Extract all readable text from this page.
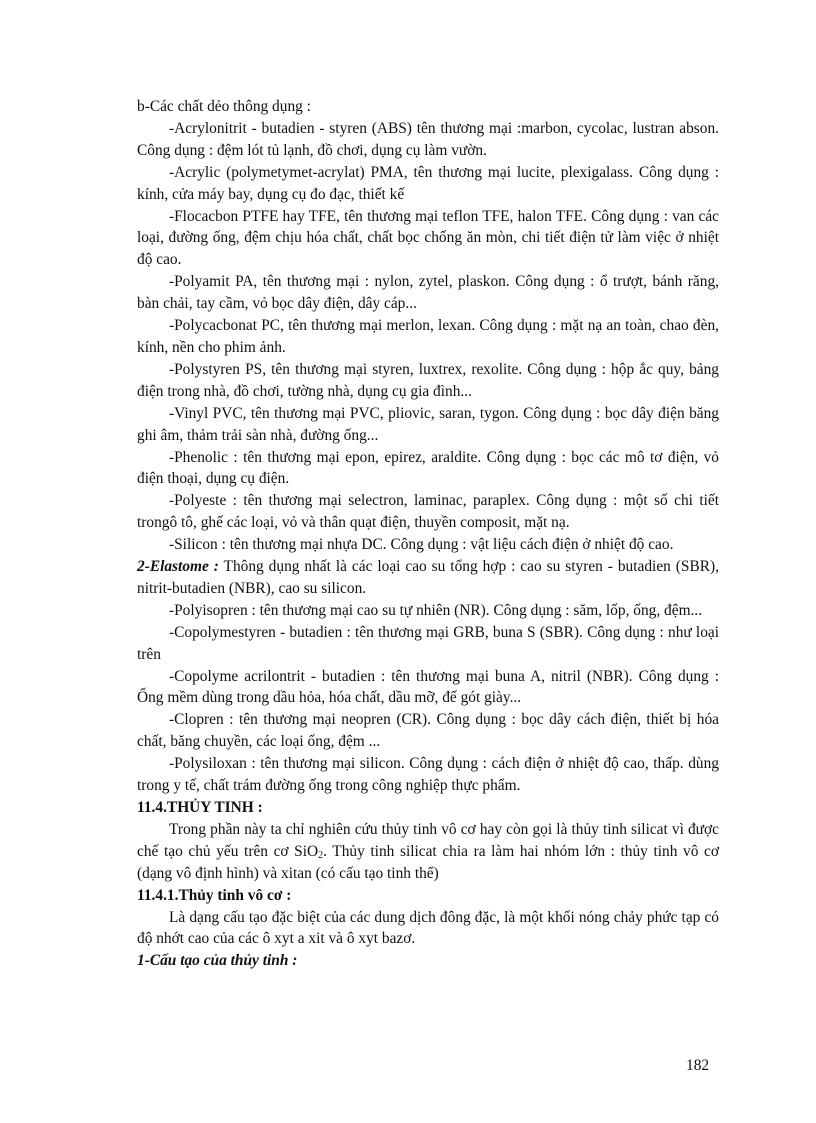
b-Các chất dẻo thông dụng :

-Acrylonitrit - butadien - styren (ABS) tên thương mại :marbon, cycolac, lustran abson. Công dụng : đệm lót tủ lạnh, đồ chơi, dụng cụ làm vườn.

-Acrylic (polymetymet-acrylat) PMA, tên thương mại lucite, plexigalass. Công dụng : kính, cửa máy bay, dụng cụ đo đạc, thiết kế

-Flocacbon PTFE hay TFE, tên thương mại teflon TFE, halon TFE. Công dụng : van các loại, đường ống, đệm chịu hóa chất, chất bọc chống ăn mòn, chi tiết điện tử làm việc ở nhiệt độ cao.

-Polyamit PA, tên thương mại : nylon, zytel, plaskon. Công dụng : ổ trượt, bánh răng, bàn chải, tay cầm, vỏ bọc dây điện, dây cáp...

-Polycacbonat PC, tên thương mại merlon, lexan. Công dụng : mặt nạ an toàn, chao đèn, kính, nền cho phim ảnh.

-Polystyren PS, tên thương mại styren, luxtrex, rexolite. Công dụng : hộp ắc quy, bảng điện trong nhà, đồ chơi, tường nhà, dụng cụ gia đình...

-Vinyl PVC, tên thương mại PVC, pliovic, saran, tygon. Công dụng : bọc dây điện băng ghi âm, thảm trải sàn nhà, đường ống...

-Phenolic : tên thương mại epon, epirez, araldite. Công dụng : bọc các mô tơ điện, vỏ điện thoại, dụng cụ điện.

-Polyeste : tên thương mại selectron, laminac, paraplex. Công dụng : một số chi tiết trongô tô, ghế các loại, vỏ và thân quạt điện, thuyền composit, mặt nạ.

-Silicon : tên thương mại nhựa DC. Công dụng : vật liệu cách điện ở nhiệt độ cao.

2-Elastome : Thông dụng nhất là các loại cao su tổng hợp : cao su styren - butadien (SBR), nitrit-butadien (NBR), cao su silicon.

-Polyisopren : tên thương mại cao su tự nhiên (NR). Công dụng : săm, lốp, ống, đệm...

-Copolymestyren - butadien : tên thương mại GRB, buna S (SBR). Công dụng : như loại trên

-Copolyme acrilontrit - butadien : tên thương mại buna A, nitril (NBR). Công dụng : Ống mềm dùng trong dầu hỏa, hóa chất, dầu mỡ, đế gót giày...

-Clopren : tên thương mại neopren (CR). Công dụng : bọc dây cách điện, thiết bị hóa chất, băng chuyền, các loại ống, đệm ...

-Polysiloxan : tên thương mại silicon. Công dụng : cách điện ở nhiệt độ cao, thấp. dùng trong y tế, chất trám đường ống trong công nghiệp thực phẩm.

11.4.THỦY TINH :

Trong phần này ta chỉ nghiên cứu thủy tinh vô cơ hay còn gọi là thủy tinh silicat vì được chế tạo chủ yếu trên cơ SiO$_2$. Thủy tinh silicat chia ra làm hai nhóm lớn : thủy tinh vô cơ (dạng vô định hình) và xitan (có cấu tạo tinh thể)

11.4.1.Thủy tinh vô cơ :

Là dạng cấu tạo đặc biệt của các dung dịch đông đặc, là một khối nóng chảy phức tạp có độ nhớt cao của các ô xyt a xit và ô xyt bazơ.

1-Cấu tạo của thủy tinh :

182
